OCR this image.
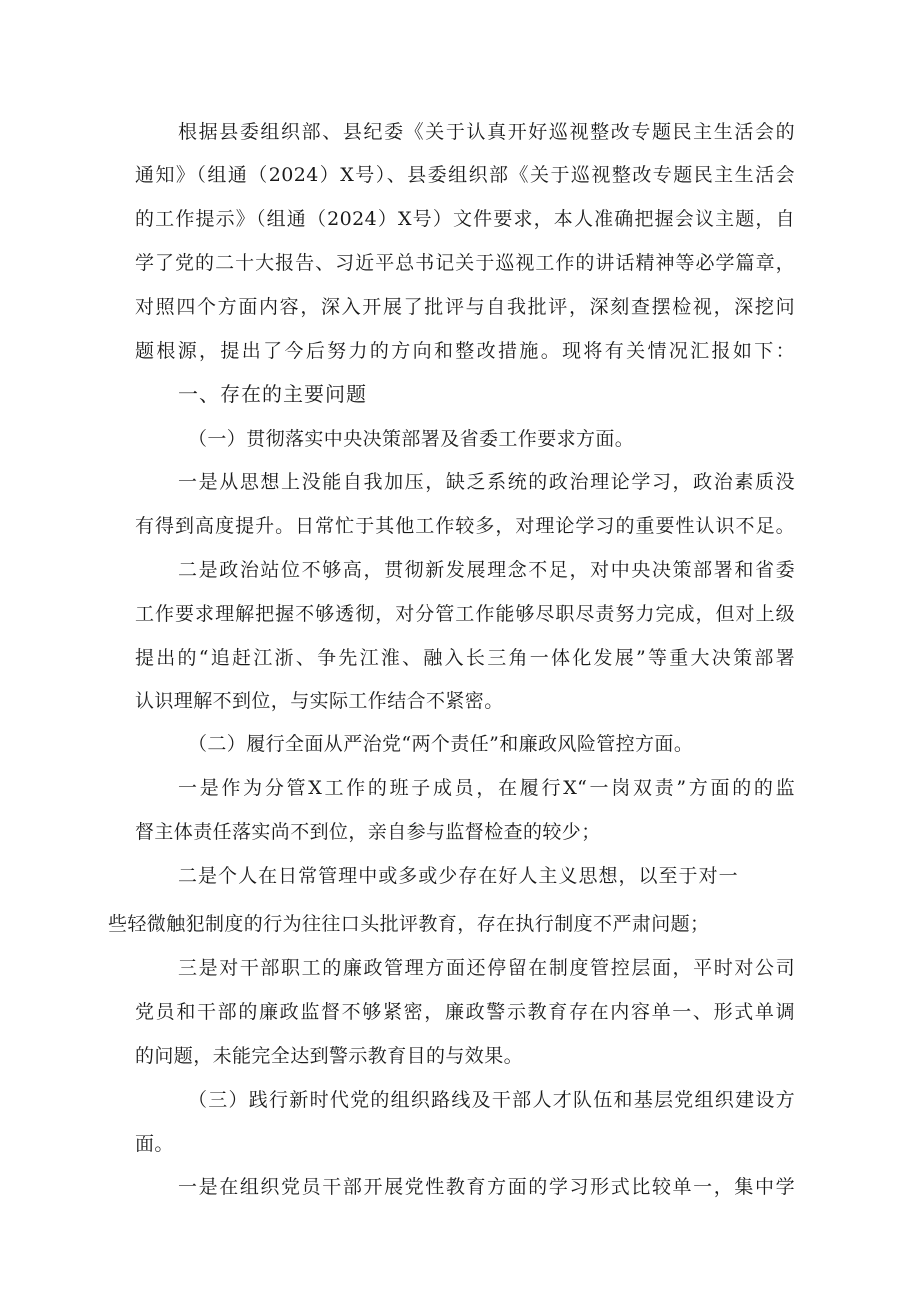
根据县委组织部、县纪委《关于认真开好巡视整改专题民主生活会的
通知》（组通（2024）X号）、县委组织部《关于巡视整改专题民主生活会
的工作提示》（组通（2024）X号）文件要求，本人准确把握会议主题，自
学了党的二十大报告、习近平总书记关于巡视工作的讲话精神等必学篇章，
对照四个方面内容，深入开展了批评与自我批评，深刻查摆检视，深挖问
题根源，提出了今后努力的方向和整改措施。现将有关情况汇报如下：
一、存在的主要问题
（一）贯彻落实中央决策部署及省委工作要求方面。
一是从思想上没能自我加压，缺乏系统的政治理论学习，政治素质没
有得到高度提升。日常忙于其他工作较多，对理论学习的重要性认识不足。
二是政治站位不够高，贯彻新发展理念不足，对中央决策部署和省委
工作要求理解把握不够透彻，对分管工作能够尽职尽责努力完成，但对上级
提出的“追赶江浙、争先江淮、融入长三角一体化发展”等重大决策部署
认识理解不到位，与实际工作结合不紧密。
（二）履行全面从严治党“两个责任”和廉政风险管控方面。
一是作为分管X工作的班子成员，在履行X“一岗双责”方面的的监
督主体责任落实尚不到位，亲自参与监督检查的较少；
二是个人在日常管理中或多或少存在好人主义思想，以至于对一
些轻微触犯制度的行为往往口头批评教育，存在执行制度不严肃问题；
三是对干部职工的廉政管理方面还停留在制度管控层面，平时对公司
党员和干部的廉政监督不够紧密，廉政警示教育存在内容单一、形式单调
的问题，未能完全达到警示教育目的与效果。
（三）践行新时代党的组织路线及干部人才队伍和基层党组织建设方
面。
一是在组织党员干部开展党性教育方面的学习形式比较单一，集中学
